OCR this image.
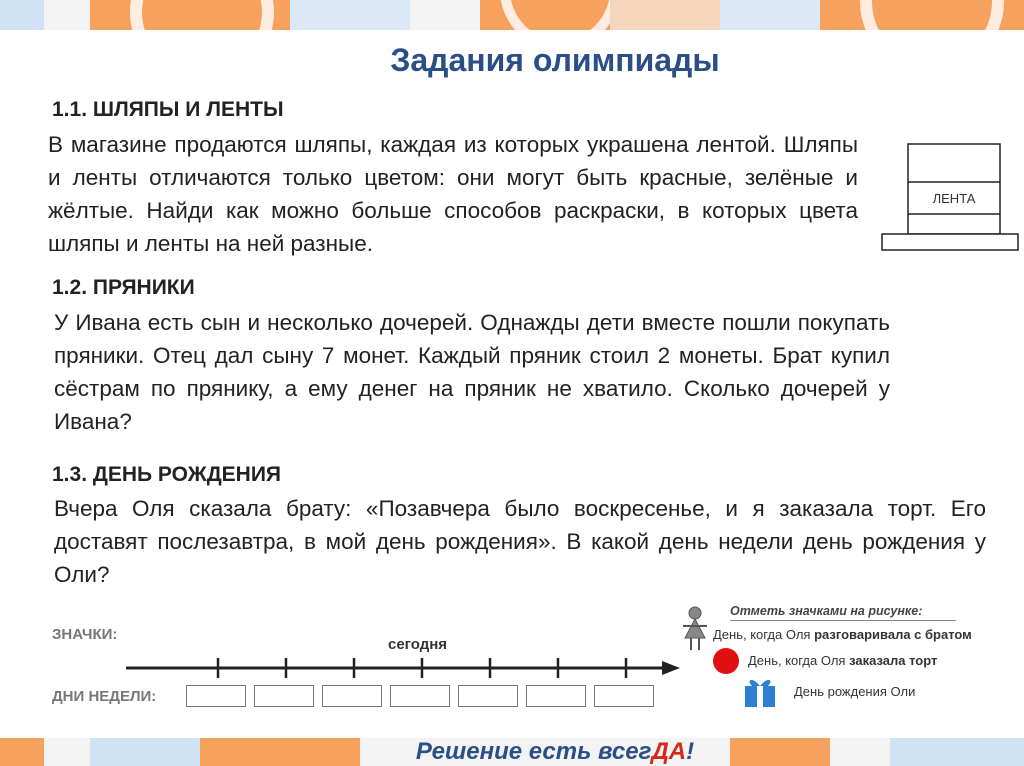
Задания олимпиады
1.1. ШЛЯПЫ И ЛЕНТЫ
В магазине продаются шляпы, каждая из которых украшена лентой. Шляпы и ленты отличаются только цветом: они могут быть красные, зелёные и жёлтые. Найди как можно больше способов раскраски, в которых цвета шляпы и ленты на ней разные.
ЛЕНТА
1.2. ПРЯНИКИ
У Ивана есть сын и несколько дочерей. Однажды дети вместе пошли покупать пряники. Отец дал сыну 7 монет. Каждый пряник стоил 2 монеты. Брат купил сёстрам по прянику, а ему денег на пряник не хватило. Сколько дочерей у Ивана?
1.3. ДЕНЬ РОЖДЕНИЯ
Вчера Оля сказала брату: «Позавчера было воскресенье, и я заказала торт. Его доставят послезавтра, в мой день рождения». В какой день недели день рождения у Оли?
ЗНАЧКИ:
сегодня
ДНИ НЕДЕЛИ:
Отметь значками на рисунке:
День, когда Оля разговаривала с братом
День, когда Оля заказала торт
День рождения Оли
Решение есть всегДА!
